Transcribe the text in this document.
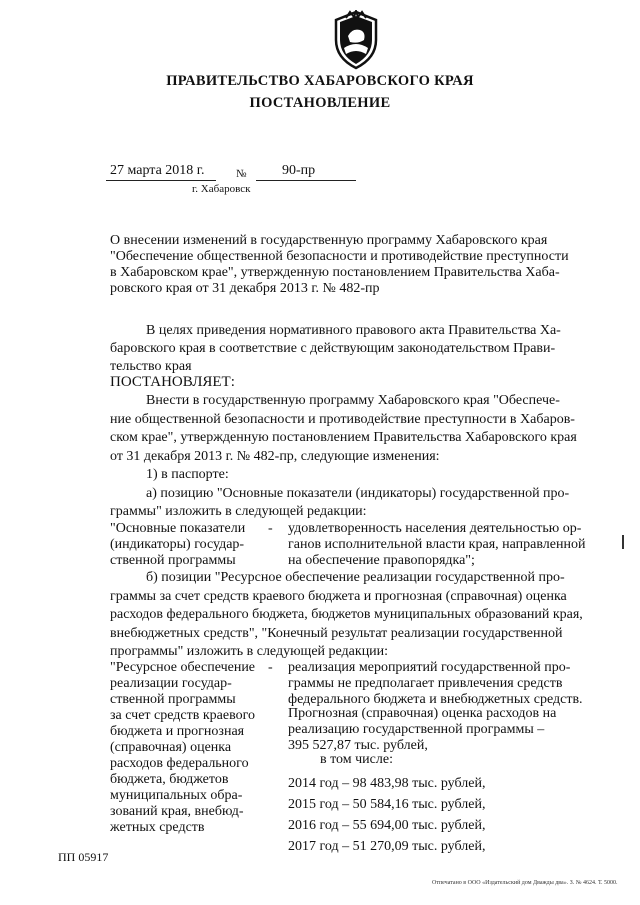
ПРАВИТЕЛЬСТВО ХАБАРОВСКОГО КРАЯ
ПОСТАНОВЛЕНИЕ
27 марта 2018 г.	№	90-пр
г. Хабаровск
О внесении изменений в государственную программу Хабаровского края
"Обеспечение общественной безопасности и противодействие преступности
в Хабаровском крае", утвержденную постановлением Правительства Хаба-
ровского края от 31 декабря 2013 г. № 482-пр
В целях приведения нормативного правового акта Правительства Ха-
баровского края в соответствие с действующим законодательством Прави-
тельство края
ПОСТАНОВЛЯЕТ:
Внести в государственную программу Хабаровского края "Обеспече-
ние общественной безопасности и противодействие преступности в Хабаров-
ском крае", утвержденную постановлением Правительства Хабаровского края
от 31 декабря 2013 г. № 482-пр, следующие изменения:
1) в паспорте:
а) позицию "Основные показатели (индикаторы) государственной про-
граммы" изложить в следующей редакции:
"Основные показатели
(индикаторы) государ-
ственной программы
- удовлетворенность населения деятельностью ор-
ганов исполнительной власти края, направленной
на обеспечение правопорядка";
б) позиции "Ресурсное обеспечение реализации государственной про-
граммы за счет средств краевого бюджета и прогнозная (справочная) оценка
расходов федерального бюджета, бюджетов муниципальных образований края,
внебюджетных средств", "Конечный результат реализации государственной
программы" изложить в следующей редакции:
"Ресурсное обеспечение
реализации государ-
ственной программы
за счет средств краевого
бюджета и прогнозная
(справочная) оценка
расходов федерального
бюджета, бюджетов
муниципальных обра-
зований края, внебюд-
жетных средств
- реализация мероприятий государственной про-
граммы не предполагает привлечения средств
федерального бюджета и внебюджетных средств.
Прогнозная (справочная) оценка расходов на
реализацию государственной программы –
395 527,87 тыс. рублей,
в том числе:
2014 год – 98 483,98 тыс. рублей,
2015 год – 50 584,16 тыс. рублей,
2016 год – 55 694,00 тыс. рублей,
2017 год – 51 270,09 тыс. рублей,
ПП 05917
Отпечатано в ООО «Издательский дом Дважды два». З. № 4624. Т. 5000.
